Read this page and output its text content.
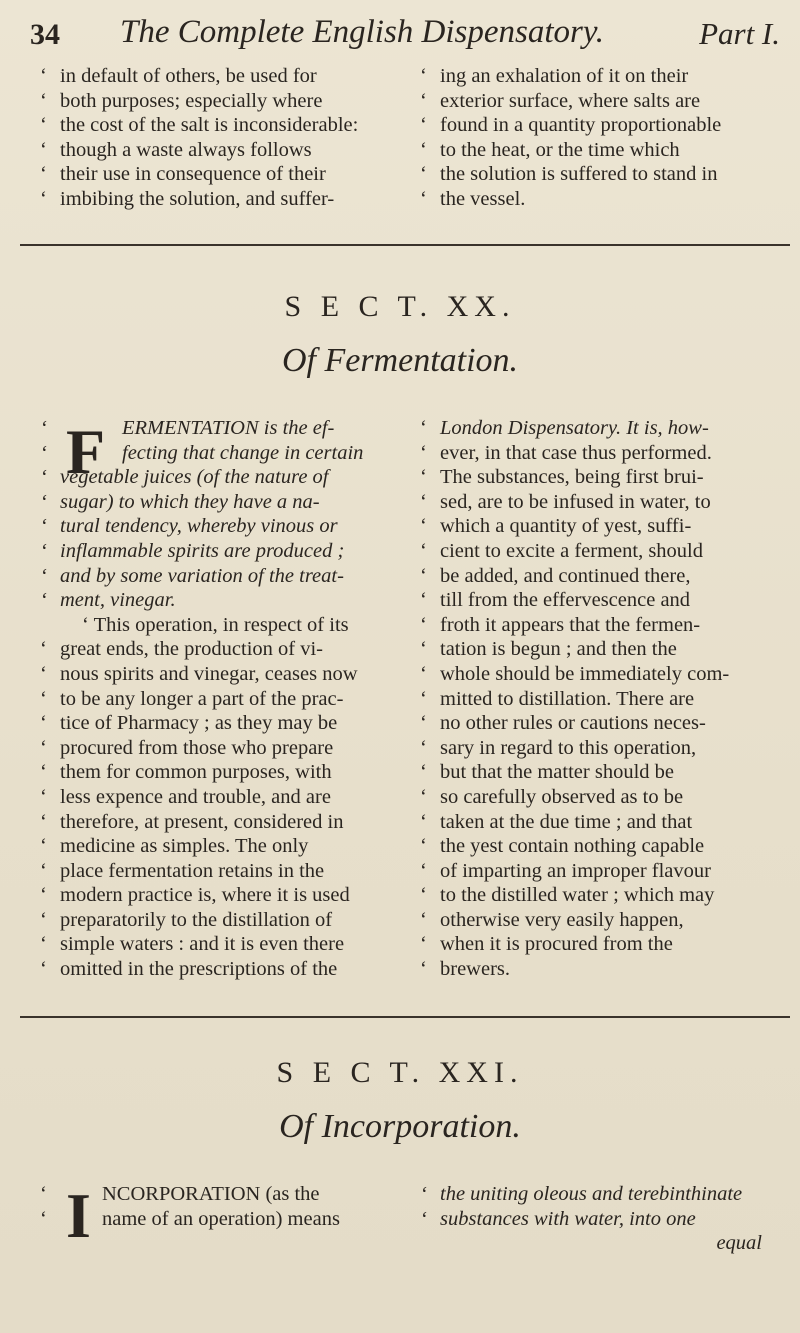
34 The Complete English Dispensatory.	Part I.
‘ in default of others, be used for
‘ both purposes; especially where
‘ the cost of the salt is inconsiderable:
‘ though a waste always follows
‘ their use in consequence of their
‘ imbibing the solution, and suffer-
‘ ing an exhalation of it on their
‘ exterior surface, where salts are
‘ found in a quantity proportionable
‘ to the heat, or the time which
‘ the solution is suffered to stand in
‘ the vessel.
S E C T. XX.
Of Fermentation.
F
‘	ERMENTATION is the ef-
‘	fecting that change in certain
‘ vegetable juices (of the nature of
‘ sugar) to which they have a na-
‘ tural tendency, whereby vinous or
‘ inflammable spirits are produced ;
‘ and by some variation of the treat-
‘ ment, vinegar.
‘ This operation, in respect of its
‘ great ends, the production of vi-
‘ nous spirits and vinegar, ceases now
‘ to be any longer a part of the prac-
‘ tice of Pharmacy ; as they may be
‘ procured from those who prepare
‘ them for common purposes, with
‘ less expence and trouble, and are
‘ therefore, at present, considered in
‘ medicine as simples. The only
‘ place fermentation retains in the
‘ modern practice is, where it is used
‘ preparatorily to the distillation of
‘ simple waters : and it is even there
‘ omitted in the prescriptions of the
‘ London Dispensatory. It is, how-
‘ ever, in that case thus performed.
‘ The substances, being first brui-
‘ sed, are to be infused in water, to
‘ which a quantity of yest, suffi-
‘ cient to excite a ferment, should
‘ be added, and continued there,
‘ till from the effervescence and
‘ froth it appears that the fermen-
‘ tation is begun ; and then the
‘ whole should be immediately com-
‘ mitted to distillation. There are
‘ no other rules or cautions neces-
‘ sary in regard to this operation,
‘ but that the matter should be
‘ so carefully observed as to be
‘ taken at the due time ; and that
‘ the yest contain nothing capable
‘ of imparting an improper flavour
‘ to the distilled water ; which may
‘ otherwise very easily happen,
‘ when it is procured from the
‘ brewers.
S E C T. XXI.
Of Incorporation.
I
‘	NCORPORATION (as the
‘	name of an operation) means
‘ the uniting oleous and terebinthinate
‘ substances with water, into one
equal
